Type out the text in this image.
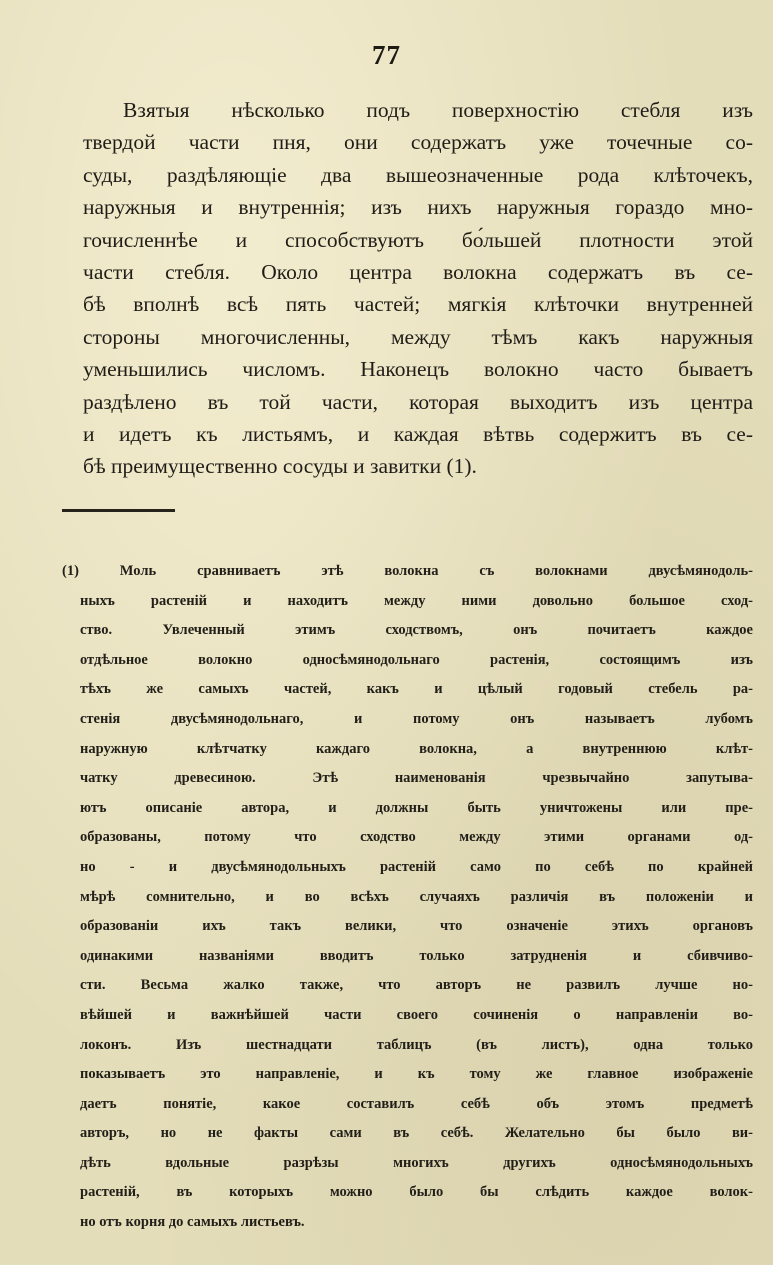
77

Взятыя нѣсколько подъ поверхностію стебля изъ
твердой части пня, они содержатъ уже точечные со-
суды, раздѣляющіе два вышеозначенные рода клѣточекъ,
наружныя и внутреннія; изъ нихъ наружныя гораздо мно-
гочисленнѣе и способствуютъ бо́льшей плотности этой
части стебля. Около центра волокна содержатъ въ се-
бѣ вполнѣ всѣ пять частей; мягкія клѣточки внутренней
стороны многочисленны, между тѣмъ какъ наружныя
уменьшились числомъ. Наконецъ волокно часто бываетъ
раздѣлено въ той части, которая выходитъ изъ центра
и идетъ къ листьямъ, и каждая вѣтвь содержитъ въ се-
бѣ преимущественно сосуды и завитки (1).

(1) Моль сравниваетъ этѣ волокна съ волокнами двусѣмянодоль-
ныхъ растеній и находитъ между ними довольно большое сход-
ство. Увлеченный этимъ сходствомъ, онъ почитаетъ каждое
отдѣльное волокно односѣмянодольнаго растенія, состоящимъ изъ
тѣхъ же самыхъ частей, какъ и цѣлый годовый стебель ра-
стенія двусѣмянодольнаго, и потому онъ называетъ лубомъ
наружную клѣтчатку каждаго волокна, а внутреннюю клѣт-
чатку древесиною. Этѣ наименованія чрезвычайно запутыва-
ютъ описаніе автора, и должны быть уничтожены или пре-
образованы, потому что сходство между этими органами од-
но - и двусѣмянодольныхъ растеній само по себѣ по крайней
мѣрѣ сомнительно, и во всѣхъ случаяхъ различія въ положеніи и
образованіи ихъ такъ велики, что означеніе этихъ органовъ
одинакими названіями вводитъ только затрудненія и сбивчиво-
сти. Весьма жалко также, что авторъ не развилъ лучше но-
вѣйшей и важнѣйшей части своего сочиненія о направленіи во-
локонъ. Изъ шестнадцати таблицъ (въ листъ), одна только
показываетъ это направленіе, и къ тому же главное изображеніе
даетъ понятіе, какое составилъ себѣ объ этомъ предметѣ
авторъ, но не факты сами въ себѣ. Желательно бы было ви-
дѣть вдольные разрѣзы многихъ другихъ односѣмянодольныхъ
растеній, въ которыхъ можно было бы слѣдить каждое волок-
но отъ корня до самыхъ листьевъ.
